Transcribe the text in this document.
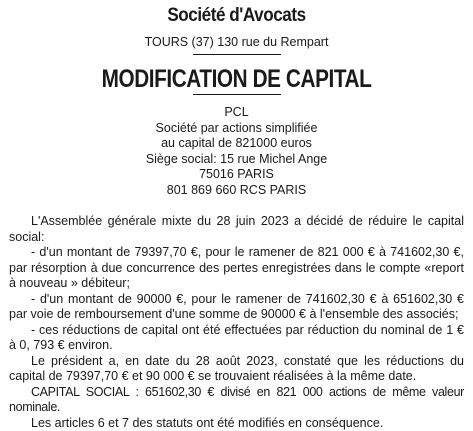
Société d'Avocats
TOURS (37) 130 rue du Rempart
MODIFICATION DE CAPITAL
PCL
Société par actions simplifiée
au capital de 821000 euros
Siège social: 15 rue Michel Ange
75016 PARIS
801 869 660 RCS PARIS

L'Assemblée générale mixte du 28 juin 2023 a décidé de réduire le capital social:

- d'un montant de 79397,70 €, pour le ramener de 821 000 € à 741602,30 €, par résorption à due concurrence des pertes enregistrées dans le compte «report à nouveau » débiteur;

- d'un montant de 90000 €, pour le ramener de 741602,30 € à 651602,30 € par voie de remboursement d'une somme de 90000 € à l'ensemble des associés;

- ces réductions de capital ont été effectuées par réduction du nominal de 1 € à 0, 793 € environ.

Le président a, en date du 28 août 2023, constaté que les réductions du capital de 79397,70 € et 90 000 € se trouvaient réalisées à la même date.

CAPITAL SOCIAL : 651602,30 € divisé en 821 000 actions de même valeur nominale.

Les articles 6 et 7 des statuts ont été modifiés en conséquence.
